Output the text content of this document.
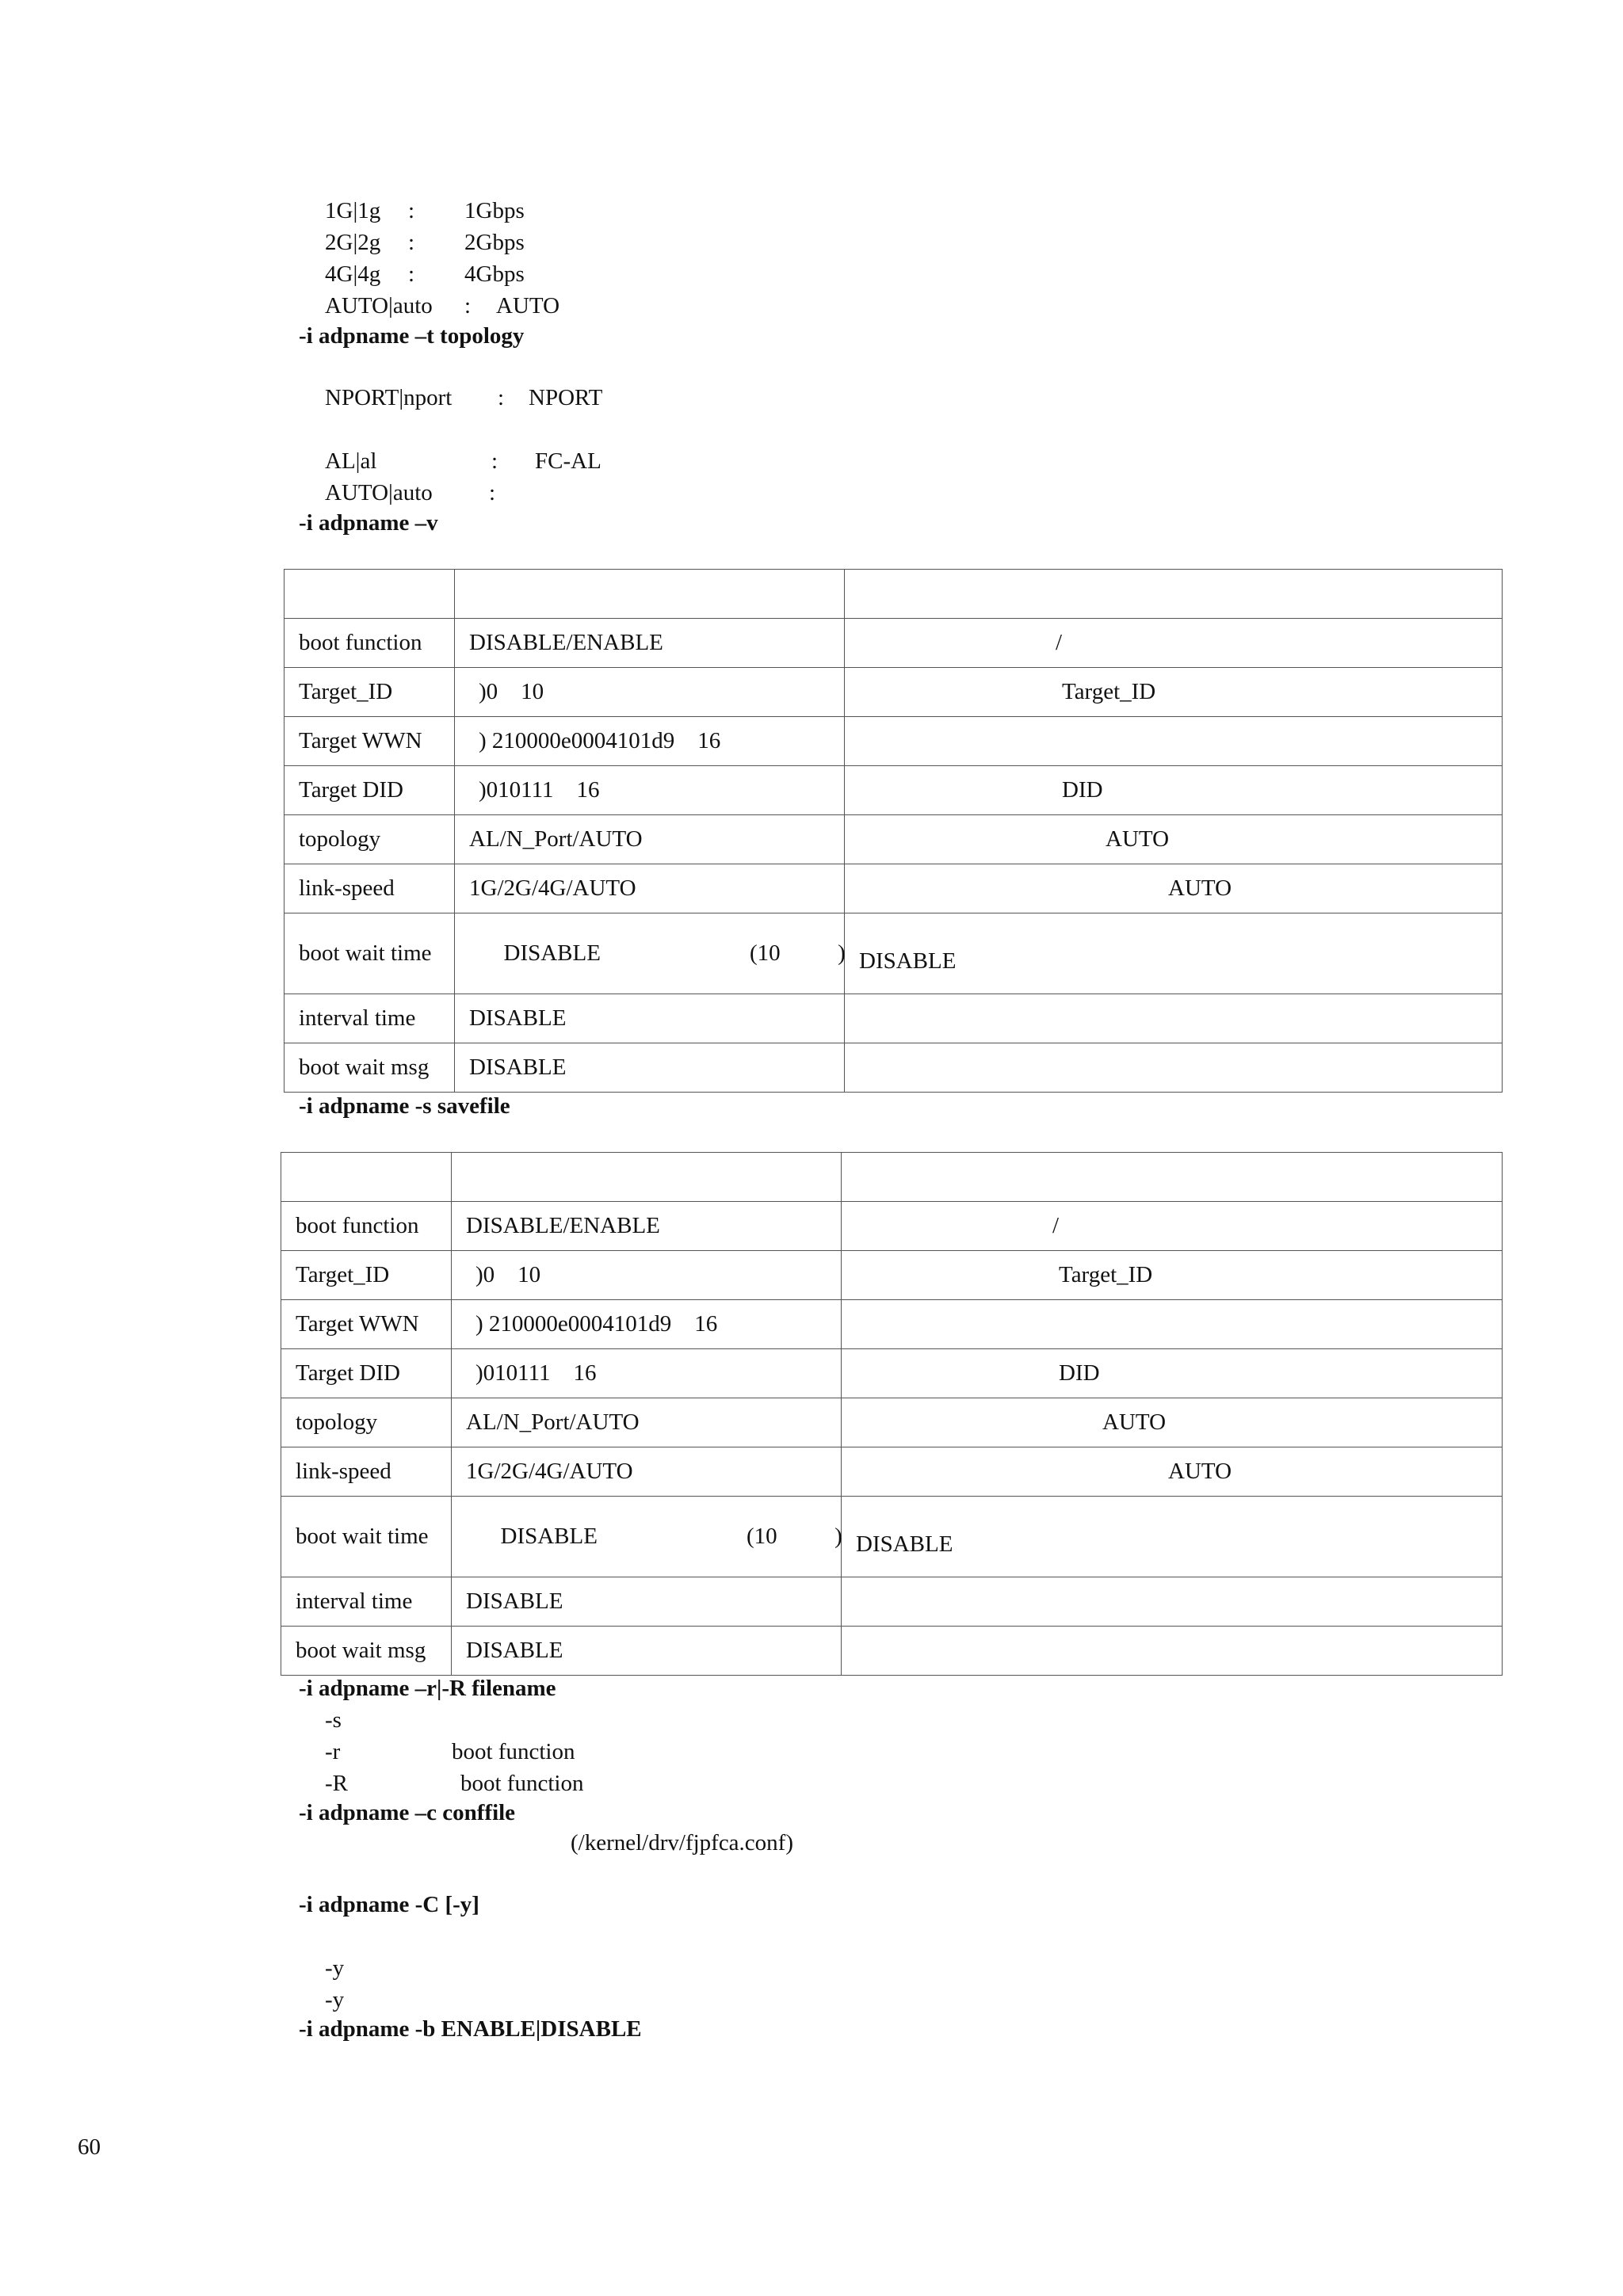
1G|1g : 1Gbps
2G|2g : 2Gbps
4G|4g : 4Gbps
AUTO|auto : AUTO
-i adpname –t topology
NPORT|nport : NPORT
AL|al	: FC-AL
AUTO|auto :
-i adpname –v

boot function	DISABLE/ENABLE	/
Target_ID	)0    10	Target_ID
Target WWN	) 210000e0004101d9    16	
Target DID	)010111    16	DID
topology	AL/N_Port/AUTO	AUTO
link-speed	1G/2G/4G/AUTO	AUTO
boot wait time	DISABLE (10          )	DISABLE
interval time	DISABLE	
boot wait msg	DISABLE	
-i adpname -s savefile

boot function	DISABLE/ENABLE	/
Target_ID	)0    10	Target_ID
Target WWN	) 210000e0004101d9    16	
Target DID	)010111    16	DID
topology	AL/N_Port/AUTO	AUTO
link-speed	1G/2G/4G/AUTO	AUTO
boot wait time	DISABLE (10          )	DISABLE
interval time	DISABLE	
boot wait msg	DISABLE	
-i adpname –r|-R filename
-s
-r	boot function
-R	boot function
-i adpname –c conffile
(/kernel/drv/fjpfca.conf)
-i adpname -C [-y]
-y
-y
-i adpname -b ENABLE|DISABLE
60
